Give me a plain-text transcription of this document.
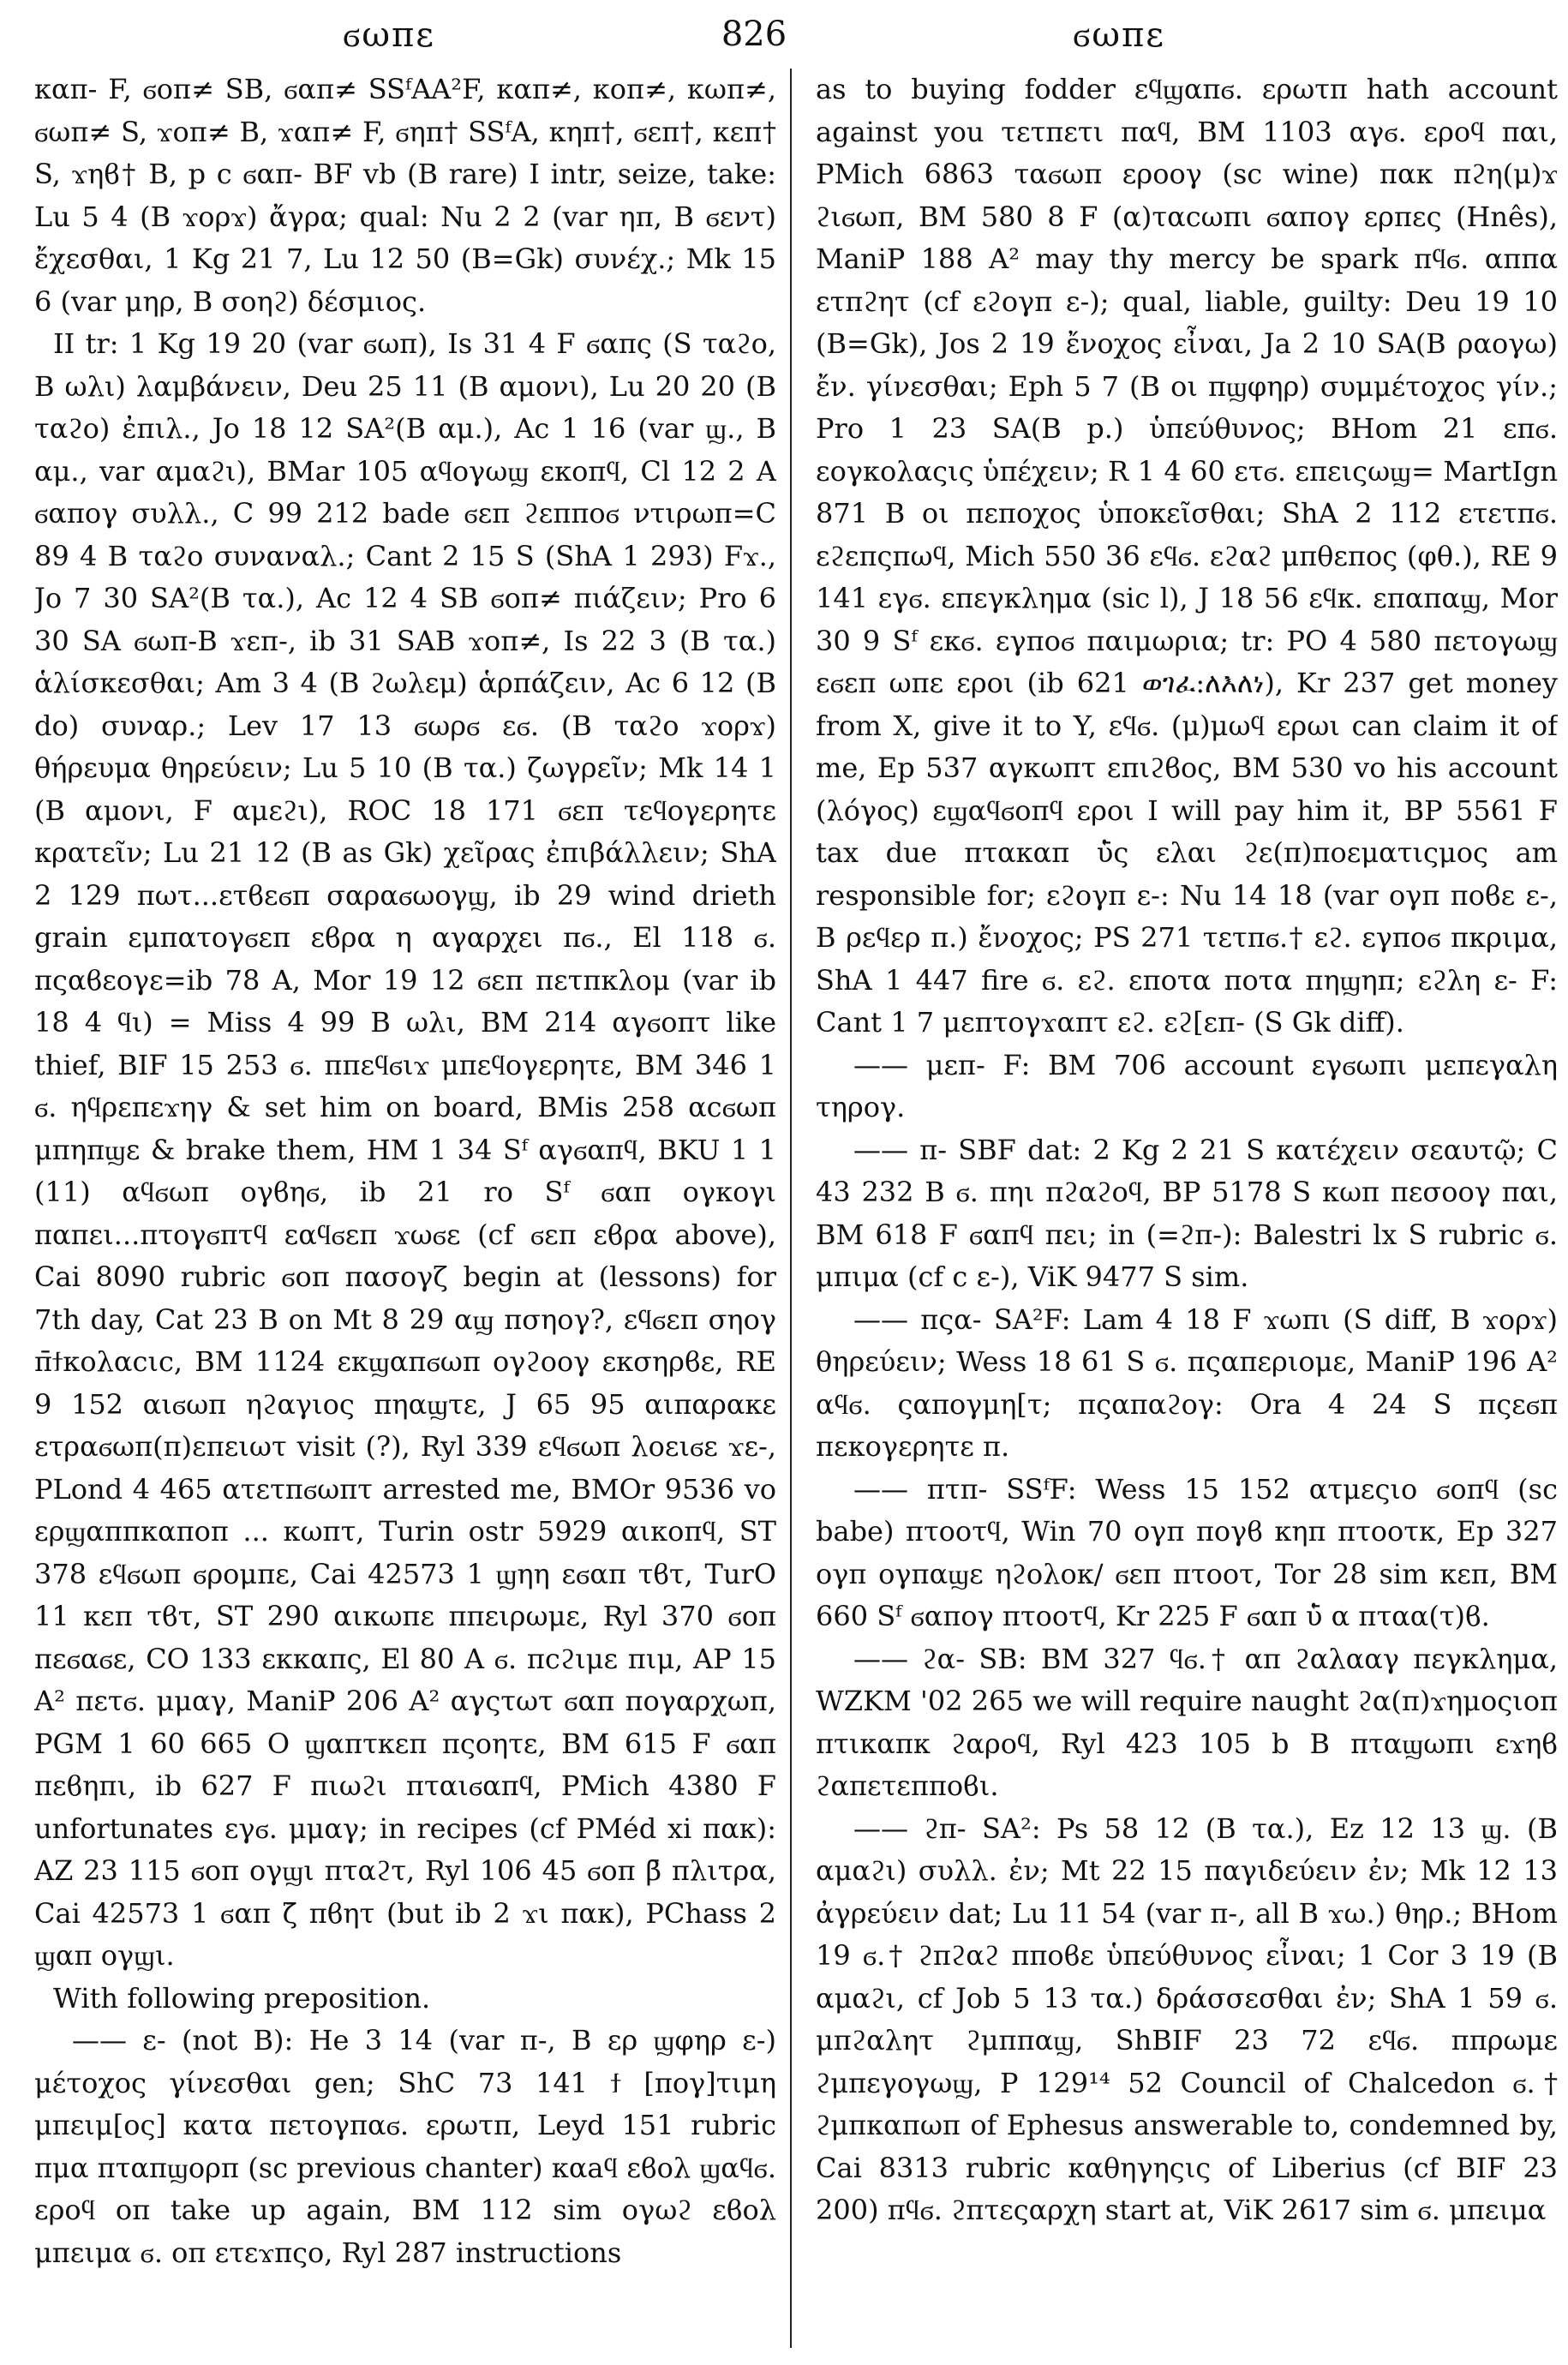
ϭωπε	826	ϭωπε

καπ- F, ϭοπ≠ SB, ϭαπ≠ SSᶠAA²F, καπ≠, κοπ≠, κωπ≠, ϭωπ≠ S, ϫοπ≠ B, ϫαπ≠ F, ϭηπ† SSᶠA, κηπ†, ϭεπ†, κεπ† S, ϫηϐ† B, p c ϭαπ- BF vb (B rare) I intr, seize, take: Lu 5 4 (B ϫορϫ) ἄγρα; qual: Nu 2 2 (var ηπ, B ϭεντ) ἔχεσθαι, 1 Kg 21 7, Lu 12 50 (B=Gk) συνέχ.; Mk 15 6 (var μηρ, B σοηϩ) δέσμιος.

II tr: 1 Kg 19 20 (var ϭωπ), Is 31 4 F ϭαπς (S ταϩο, B ωλι) λαμβάνειν, Deu 25 11 (B αμονι), Lu 20 20 (B ταϩο) ἐπιλ., Jo 18 12 SA²(B αμ.), Ac 1 16 (var ϣ., B αμ., var αμαϩι), BMar 105 αϥογωϣ εκοπϥ, Cl 12 2 A ϭαπογ συλλ., C 99 212 bade ϭεπ ϩεπποϭ ντιρωπ=C 89 4 B ταϩο συναναλ.; Cant 2 15 S (ShA 1 293) Fϫ., Jo 7 30 SA²(B τα.), Ac 12 4 SB ϭοπ≠ πιάζειν; Pro 6 30 SA ϭωπ-B ϫεπ-, ib 31 SAB ϫοπ≠, Is 22 3 (B τα.) ἁλίσκεσθαι; Am 3 4 (B ϩωλεμ) ἁρπάζειν, Ac 6 12 (B do) συναρ.; Lev 17 13 ϭωρϭ εϭ. (B ταϩο ϫορϫ) θήρευμα θηρεύειν; Lu 5 10 (B τα.) ζωγρεῖν; Mk 14 1 (B αμονι, F αμεϩι), ROC 18 171 ϭεπ τεϥογερητε κρατεῖν; Lu 21 12 (B as Gk) χεῖρας ἐπιβάλλειν; ShA 2 129 πωτ...ετϐεϭπ σαραϭωογϣ, ib 29 wind drieth grain εμπατογϭεπ εϐρα η αγαρχει πϭ., El 118 ϭ. πςαϐεογε=ib 78 A, Mor 19 12 ϭεπ πετπκλομ (var ib 18 4 ϥι) = Miss 4 99 B ωλι, BM 214 αγϭοπτ like thief, BIF 15 253 ϭ. ππεϥϭιϫ μπεϥογερητε, BM 346 1 ϭ. ηϥρεπεϫηγ & set him on board, BMis 258 αϲϭωπ μπηπϣε & brake them, HM 1 34 Sᶠ αγϭαπϥ, BKU 1 1 (11) αϥϭωπ ογϐηϭ, ib 21 ro Sᶠ ϭαπ ογκογι παπει...πτογϭπτϥ εαϥϭεπ ϫωϭε (cf ϭεπ εϐρα above), Cai 8090 rubric ϭοπ πασογζ begin at (lessons) for 7th day, Cat 23 B on Mt 8 29 αϣ πσηογ?, εϥϭεπ σηογ π̄ϯκολαϲιϲ, BM 1124 εκϣαπϭωπ ογϩοογ εκσηρϐε, RE 9 152 αιϭωπ ηϩαγιος πηαϣτε, J 65 95 αιπαρακε ετραϭωπ(π)επειωτ visit (?), Ryl 339 εϥϭωπ λοειϭε ϫε-, PLond 4 465 ατετπϭωπτ arrested me, BMOr 9536 vo ερϣαππκαποπ ... κωπτ, Turin ostr 5929 αικοπϥ, ST 378 εϥϭωπ ϭρομπε, Cai 42573 1 ϣηη εϭαπ τϐτ, TurO 11 κεπ τϐτ, ST 290 αικωπε ππειρωμε, Ryl 370 ϭοπ πεϭαϭε, CO 133 εκκαπς, El 80 A ϭ. πϲϩιμε πιμ, AP 15 A² πετϭ. μμαγ, ManiP 206 A² αγςτωτ ϭαπ πογαρχωπ, PGM 1 60 665 O ϣαπτκεπ πςοητε, BM 615 F ϭαπ πεϐηπι, ib 627 F πιωϩι πταιϭαπϥ, PMich 4380 F unfortunates εγϭ. μμαγ; in recipes (cf PMéd xi πακ): AZ 23 115 ϭοπ ογϣι πταϩτ, Ryl 106 45 ϭοπ β̄ πλιτρα, Cai 42573 1 ϭαπ ζ̄ πϐητ (but ib 2 ϫι πακ), PChass 2 ϣαπ ογϣι.

With following preposition.

—— ε- (not B): He 3 14 (var π-, B ερ ϣφηρ ε-) μέτοχος γίνεσθαι gen; ShC 73 141 ϯ [πογ]τιμη μπειμ[ος] κατα πετογπαϭ. ερωτπ, Leyd 151 rubric πμα πταπϣορπ (sc previous chanter) καaϥ εϐολ ϣαϥϭ. εροϥ οπ take up again, BM 112 sim ογωϩ εϐολ μπειμα ϭ. οπ ετεϫπςο, Ryl 287 instructions

as to buying fodder εϥϣαπϭ. ερωτπ hath account against you τετπετι παϥ, BM 1103 αγϭ. εροϥ παι, PMich 6863 ταϭωπ εροογ (sc wine) πακ πϩη(μ)ϫ ϩιϭωπ, BM 580 8 F (α)ταϲωπι ϭαπογ ερπες (Hnês), ManiP 188 A² may thy mercy be spark πϥϭ. αππα ετπϩητ (cf εϩογπ ε-); qual, liable, guilty: Deu 19 10 (B=Gk), Jos 2 19 ἔνοχος εἶναι, Ja 2 10 SA(B ραογω) ἔν. γίνεσθαι; Eph 5 7 (B οι πϣφηρ) συμμέτοχος γίν.; Pro 1 23 SA(B p.) ὑπεύθυνος; BHom 21 επϭ. εογκολαςις ὑπέχειν; R 1 4 60 ετϭ. επειςωϣ= MartIgn 871 B οι πεποχος ὑποκεῖσθαι; ShA 2 112 ετετπϭ. εϩεπςπωϥ, Mich 550 36 εϥϭ. εϩαϩ μπθεπος (φθ.), RE 9 141 εγϭ. επεγκλημα (sic l), J 18 56 εϥκ. επαπαϣ, Mor 30 9 Sᶠ εκϭ. εγποϭ παιμωρια; tr: PO 4 580 πετογωϣ εϭεπ ωπε εροι (ib 621 ወገፈ:ለእለነ), Kr 237 get money from X, give it to Y, εϥϭ. (μ)μωϥ ερωι can claim it of me, Ep 537 αγκωπτ επιϩϐος, BM 530 vo his account (λόγος) εϣαϥϭοπϥ εροι I will pay him it, BP 5561 F tax due πτακαπ ὑ̄ς ελαι ϩε(π)ποεματιςμος am responsible for; εϩογπ ε-: Nu 14 18 (var ογπ ποϐε ε-, B ρεϥερ π.) ἔνοχος; PS 271 τετπϭ.† εϩ. εγποϭ πκριμα, ShA 1 447 fire ϭ. εϩ. εποτα ποτα πηϣηπ; εϩλη ε- F: Cant 1 7 μεπτογϫαπτ εϩ. εϩ[επ- (S Gk diff).

—— μεπ- F: BM 706 account εγϭωπι μεπεγαλη τηρογ.

—— π- SBF dat: 2 Kg 2 21 S κατέχειν σεαυτῷ; C 43 232 B ϭ. πηι πϩαϩοϥ, BP 5178 S κωπ πεσοογ παι, BM 618 F ϭαπϥ πει; in (=ϩπ-): Balestri lx S rubric ϭ. μπιμα (cf c ε-), ViK 9477 S sim.

—— πςα- SA²F: Lam 4 18 F ϫωπι (S diff, B ϫορϫ) θηρεύειν; Wess 18 61 S ϭ. πςαπεριομε, ManiP 196 A² αϥϭ. ςαπογμη[τ; πςαπαϩογ: Ora 4 24 S πςεϭπ πεκογερητε π.

—— πτπ- SSᶠF: Wess 15 152 ατμεςιο ϭοπϥ (sc babe) πτοοτϥ, Win 70 ογπ πογϐ κηπ πτοοτκ, Ep 327 ογπ ογπαϣε ηϩολοκ/ ϭεπ πτοοτ, Tor 28 sim κεπ, BM 660 Sᶠ ϭαπογ πτοοτϥ, Kr 225 F ϭαπ ὑ̄ α πταα(τ)ϐ.

—— ϩα- SB: BM 327 ϥϭ.† απ ϩαλααγ πεγκλημα, WZKM '02 265 we will require naught ϩα(π)ϫημοςιοπ πτικαπκ ϩαροϥ, Ryl 423 105 b B πταϣωπι εϫηϐ ϩαπετεπποϐι.

—— ϩπ- SA²: Ps 58 12 (B τα.), Ez 12 13 ϣ. (B αμαϩι) συλλ. ἐν; Mt 22 15 παγιδεύειν ἐν; Mk 12 13 ἀγρεύειν dat; Lu 11 54 (var π-, all B ϫω.) θηρ.; BHom 19 ϭ.† ϩπϩαϩ πποϐε ὑπεύθυνος εἶναι; 1 Cor 3 19 (B αμαϩι, cf Job 5 13 τα.) δράσσεσθαι ἐν; ShA 1 59 ϭ. μπϩαλητ ϩμππαϣ, ShBIF 23 72 εϥϭ. ππρωμε ϩμπεγογωϣ, P 129¹⁴ 52 Council of Chalcedon ϭ.† ϩμπκαπωπ of Ephesus answerable to, condemned by, Cai 8313 rubric καθηγηςις of Liberius (cf BIF 23 200) πϥϭ. ϩπτεςαρχη start at, ViK 2617 sim ϭ. μπειμα
